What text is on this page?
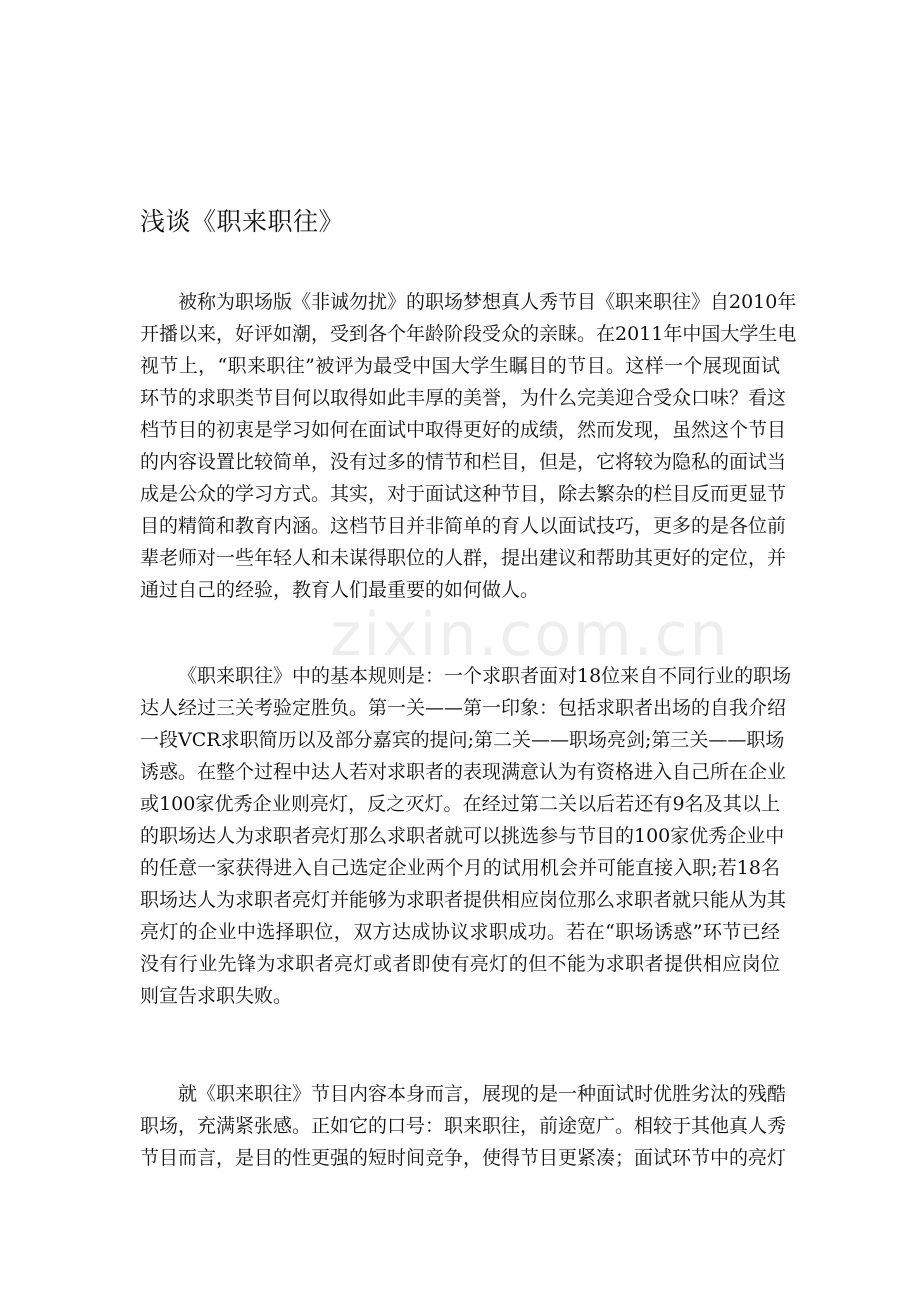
zixin.com.cn
浅谈《职来职往》
被称为职场版《非诚勿扰》的职场梦想真人秀节目《职来职往》自2010年
开播以来，好评如潮，受到各个年龄阶段受众的亲睐。在2011年中国大学生电
视节上，“职来职往”被评为最受中国大学生瞩目的节目。这样一个展现面试
环节的求职类节目何以取得如此丰厚的美誉，为什么完美迎合受众口味？看这
档节目的初衷是学习如何在面试中取得更好的成绩，然而发现，虽然这个节目
的内容设置比较简单，没有过多的情节和栏目，但是，它将较为隐私的面试当
成是公众的学习方式。其实，对于面试这种节目，除去繁杂的栏目反而更显节
目的精简和教育内涵。这档节目并非简单的育人以面试技巧，更多的是各位前
辈老师对一些年轻人和未谋得职位的人群，提出建议和帮助其更好的定位，并
通过自己的经验，教育人们最重要的如何做人。
《职来职往》中的基本规则是：一个求职者面对18位来自不同行业的职场
达人经过三关考验定胜负。第一关——第一印象：包括求职者出场的自我介绍
一段VCR求职简历以及部分嘉宾的提问;第二关——职场亮剑;第三关——职场
诱惑。在整个过程中达人若对求职者的表现满意认为有资格进入自己所在企业
或100家优秀企业则亮灯，反之灭灯。在经过第二关以后若还有9名及其以上
的职场达人为求职者亮灯那么求职者就可以挑选参与节目的100家优秀企业中
的任意一家获得进入自己选定企业两个月的试用机会并可能直接入职;若18名
职场达人为求职者亮灯并能够为求职者提供相应岗位那么求职者就只能从为其
亮灯的企业中选择职位，双方达成协议求职成功。若在“职场诱惑”环节已经
没有行业先锋为求职者亮灯或者即使有亮灯的但不能为求职者提供相应岗位
则宣告求职失败。
就《职来职往》节目内容本身而言，展现的是一种面试时优胜劣汰的残酷
职场，充满紧张感。正如它的口号：职来职往，前途宽广。相较于其他真人秀
节目而言，是目的性更强的短时间竞争，使得节目更紧凑；面试环节中的亮灯
